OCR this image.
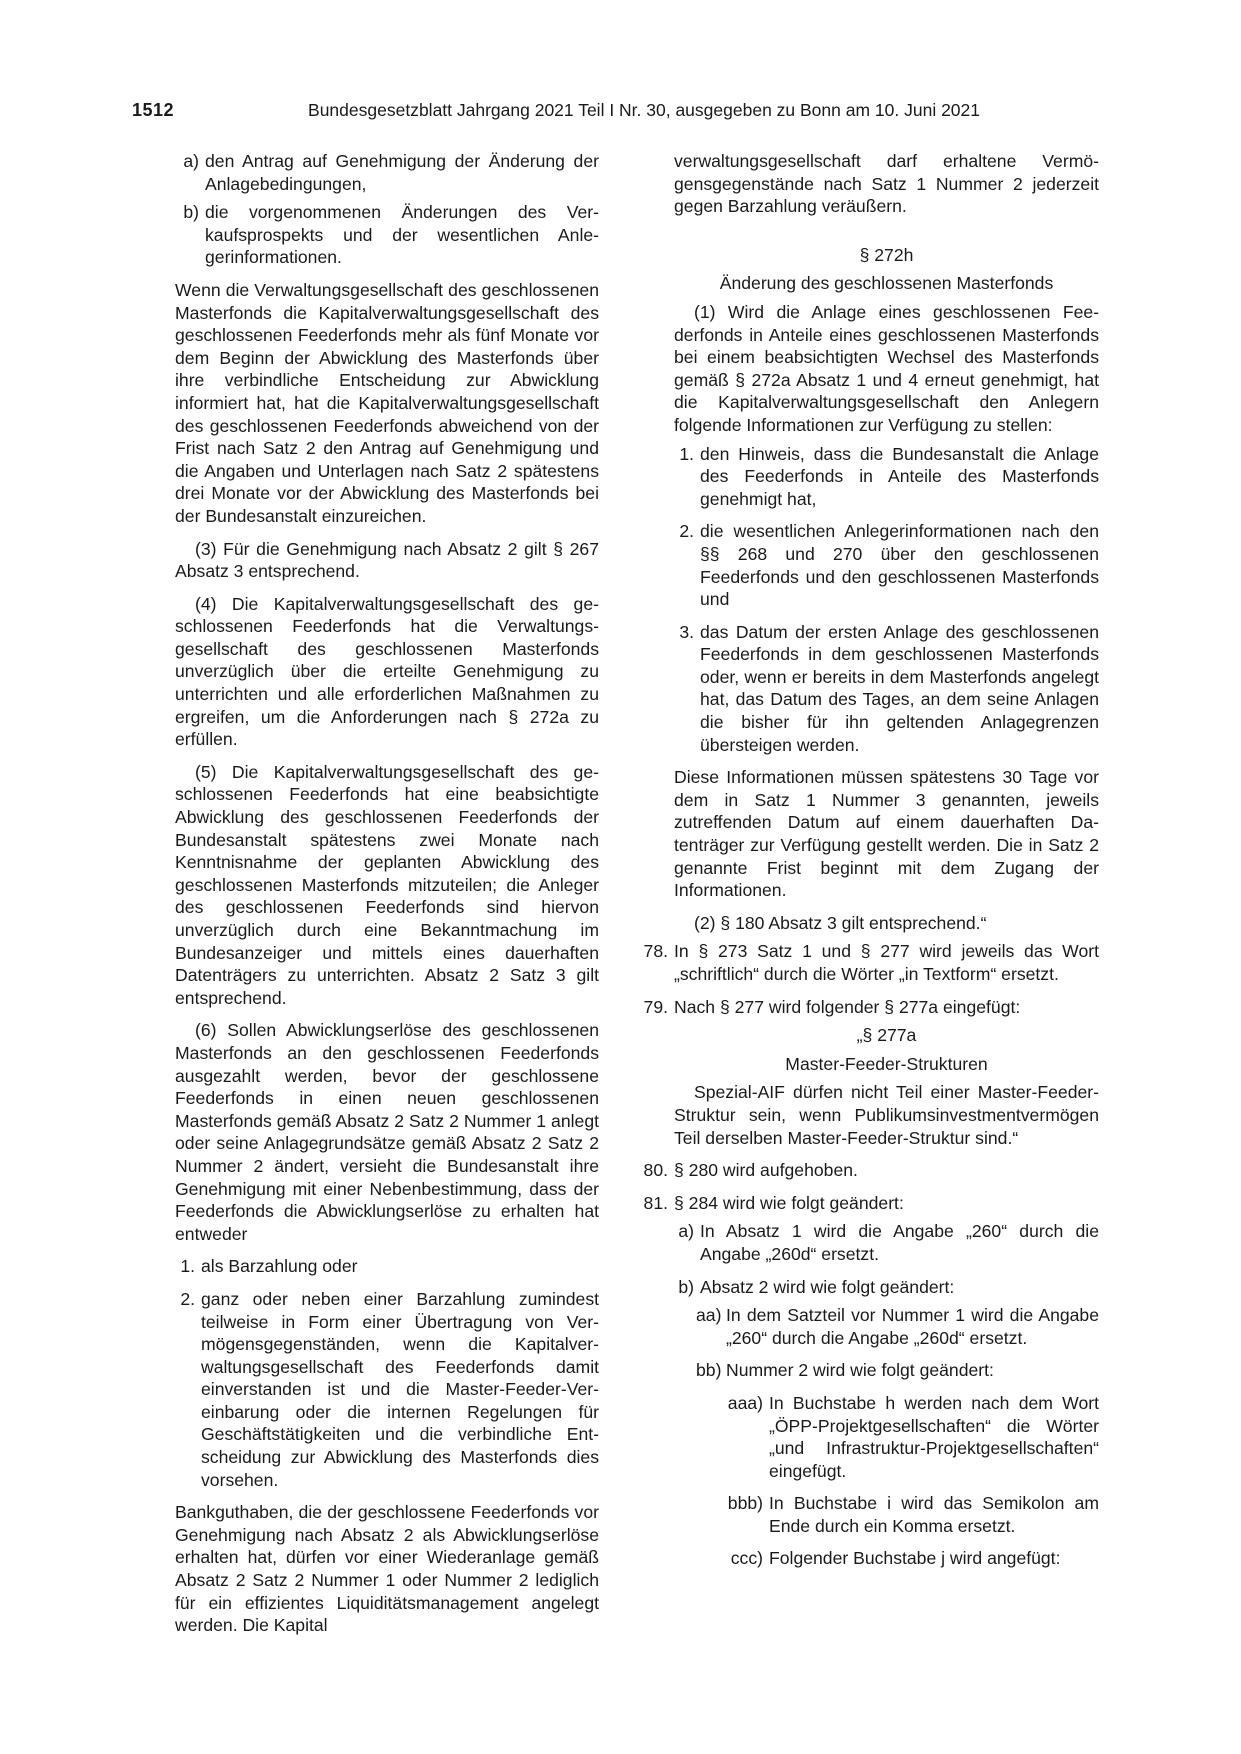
1512	Bundesgesetzblatt Jahrgang 2021 Teil I Nr. 30, ausgegeben zu Bonn am 10. Juni 2021
a) den Antrag auf Genehmigung der Änderung der Anlagebedingungen,
b) die vorgenommenen Änderungen des Verkaufsprospekts und der wesentlichen Anlegerinformationen.

Wenn die Verwaltungsgesellschaft des geschlossenen Masterfonds die Kapitalverwaltungsgesellschaft des geschlossenen Feederfonds mehr als fünf Monate vor dem Beginn der Abwicklung des Masterfonds über ihre verbindliche Entscheidung zur Abwicklung informiert hat, hat die Kapitalverwaltungsgesellschaft des geschlossenen Feederfonds abweichend von der Frist nach Satz 2 den Antrag auf Genehmigung und die Angaben und Unterlagen nach Satz 2 spätestens drei Monate vor der Abwicklung des Masterfonds bei der Bundesanstalt einzureichen.

(3) Für die Genehmigung nach Absatz 2 gilt § 267 Absatz 3 entsprechend.

(4) Die Kapitalverwaltungsgesellschaft des geschlossenen Feederfonds hat die Verwaltungsgesellschaft des geschlossenen Masterfonds unverzüglich über die erteilte Genehmigung zu unterrichten und alle erforderlichen Maßnahmen zu ergreifen, um die Anforderungen nach § 272a zu erfüllen.

(5) Die Kapitalverwaltungsgesellschaft des geschlossenen Feederfonds hat eine beabsichtigte Abwicklung des geschlossenen Feederfonds der Bundesanstalt spätestens zwei Monate nach Kenntnisnahme der geplanten Abwicklung des geschlossenen Masterfonds mitzuteilen; die Anleger des geschlossenen Feederfonds sind hiervon unverzüglich durch eine Bekanntmachung im Bundesanzeiger und mittels eines dauerhaften Datenträgers zu unterrichten. Absatz 2 Satz 3 gilt entsprechend.

(6) Sollen Abwicklungserlöse des geschlossenen Masterfonds an den geschlossenen Feederfonds ausgezahlt werden, bevor der geschlossene Feederfonds in einen neuen geschlossenen Masterfonds gemäß Absatz 2 Satz 2 Nummer 1 anlegt oder seine Anlagegrundsätze gemäß Absatz 2 Satz 2 Nummer 2 ändert, versieht die Bundesanstalt ihre Genehmigung mit einer Nebenbestimmung, dass der Feederfonds die Abwicklungserlöse zu erhalten hat entweder

1. als Barzahlung oder
2. ganz oder neben einer Barzahlung zumindest teilweise in Form einer Übertragung von Vermögensgegenständen, wenn die Kapitalverwaltungsgesellschaft des Feederfonds damit einverstanden ist und die Master-Feeder-Vereinbarung oder die internen Regelungen für Geschäftstätigkeiten und die verbindliche Entscheidung zur Abwicklung des Masterfonds dies vorsehen.

Bankguthaben, die der geschlossene Feederfonds vor Genehmigung nach Absatz 2 als Abwicklungserlöse erhalten hat, dürfen vor einer Wiederanlage gemäß Absatz 2 Satz 2 Nummer 1 oder Nummer 2 lediglich für ein effizientes Liquiditätsmanagement angelegt werden. Die Kapital

verwaltungsgesellschaft darf erhaltene Vermögensgegenstände nach Satz 1 Nummer 2 jederzeit gegen Barzahlung veräußern.

§ 272h

Änderung des geschlossenen Masterfonds

(1) Wird die Anlage eines geschlossenen Feederfonds in Anteile eines geschlossenen Masterfonds bei einem beabsichtigten Wechsel des Masterfonds gemäß § 272a Absatz 1 und 4 erneut genehmigt, hat die Kapitalverwaltungsgesellschaft den Anlegern folgende Informationen zur Verfügung zu stellen:

1. den Hinweis, dass die Bundesanstalt die Anlage des Feederfonds in Anteile des Masterfonds genehmigt hat,
2. die wesentlichen Anlegerinformationen nach den §§ 268 und 270 über den geschlossenen Feederfonds und den geschlossenen Masterfonds und
3. das Datum der ersten Anlage des geschlossenen Feederfonds in dem geschlossenen Masterfonds oder, wenn er bereits in dem Masterfonds angelegt hat, das Datum des Tages, an dem seine Anlagen die bisher für ihn geltenden Anlagegrenzen übersteigen werden.

Diese Informationen müssen spätestens 30 Tage vor dem in Satz 1 Nummer 3 genannten, jeweils zutreffenden Datum auf einem dauerhaften Datenträger zur Verfügung gestellt werden. Die in Satz 2 genannte Frist beginnt mit dem Zugang der Informationen.

(2) § 180 Absatz 3 gilt entsprechend.“

78. In § 273 Satz 1 und § 277 wird jeweils das Wort „schriftlich“ durch die Wörter „in Textform“ ersetzt.
79. Nach § 277 wird folgender § 277a eingefügt:

„§ 277a

Master-Feeder-Strukturen

Spezial-AIF dürfen nicht Teil einer Master-Feeder-Struktur sein, wenn Publikumsinvestmentvermögen Teil derselben Master-Feeder-Struktur sind.“

80. § 280 wird aufgehoben.
81. § 284 wird wie folgt geändert:
a) In Absatz 1 wird die Angabe „260“ durch die Angabe „260d“ ersetzt.
b) Absatz 2 wird wie folgt geändert:
aa) In dem Satzteil vor Nummer 1 wird die Angabe „260“ durch die Angabe „260d“ ersetzt.
bb) Nummer 2 wird wie folgt geändert:
aaa) In Buchstabe h werden nach dem Wort „ÖPP-Projektgesellschaften“ die Wörter „und Infrastruktur-Projektgesellschaften“ eingefügt.
bbb) In Buchstabe i wird das Semikolon am Ende durch ein Komma ersetzt.
ccc) Folgender Buchstabe j wird angefügt:
